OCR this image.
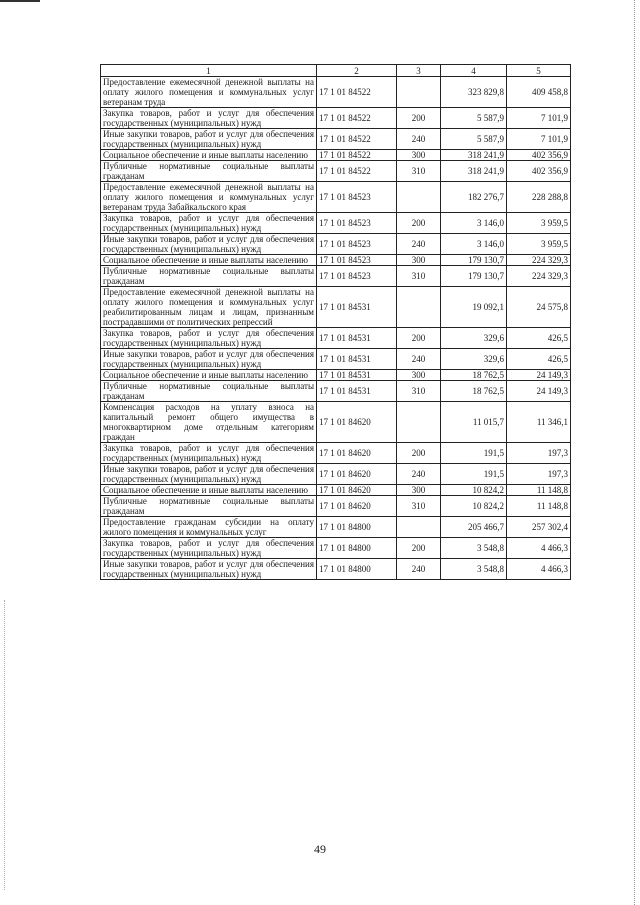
1	2	3	4	5
Предоставление ежемесячной денежной выплаты на оплату жилого помещения и коммунальных услуг ветеранам труда	17 1 01 84522		323 829,8	409 458,8
Закупка товаров, работ и услуг для обеспечения государственных (муниципальных) нужд	17 1 01 84522	200	5 587,9	7 101,9
Иные закупки товаров, работ и услуг для обеспечения государственных (муниципальных) нужд	17 1 01 84522	240	5 587,9	7 101,9
Социальное обеспечение и иные выплаты населению	17 1 01 84522	300	318 241,9	402 356,9
Публичные нормативные социальные выплаты гражданам	17 1 01 84522	310	318 241,9	402 356,9
Предоставление ежемесячной денежной выплаты на оплату жилого помещения и коммунальных услуг ветеранам труда Забайкальского края	17 1 01 84523		182 276,7	228 288,8
Закупка товаров, работ и услуг для обеспечения государственных (муниципальных) нужд	17 1 01 84523	200	3 146,0	3 959,5
Иные закупки товаров, работ и услуг для обеспечения государственных (муниципальных) нужд	17 1 01 84523	240	3 146,0	3 959,5
Социальное обеспечение и иные выплаты населению	17 1 01 84523	300	179 130,7	224 329,3
Публичные нормативные социальные выплаты гражданам	17 1 01 84523	310	179 130,7	224 329,3
Предоставление ежемесячной денежной выплаты на оплату жилого помещения и коммунальных услуг реабилитированным лицам и лицам, признанным пострадавшими от политических репрессий	17 1 01 84531		19 092,1	24 575,8
Закупка товаров, работ и услуг для обеспечения государственных (муниципальных) нужд	17 1 01 84531	200	329,6	426,5
Иные закупки товаров, работ и услуг для обеспечения государственных (муниципальных) нужд	17 1 01 84531	240	329,6	426,5
Социальное обеспечение и иные выплаты населению	17 1 01 84531	300	18 762,5	24 149,3
Публичные нормативные социальные выплаты гражданам	17 1 01 84531	310	18 762,5	24 149,3
Компенсация расходов на уплату взноса на капитальный ремонт общего имущества в многоквартирном доме отдельным категориям граждан	17 1 01 84620		11 015,7	11 346,1
Закупка товаров, работ и услуг для обеспечения государственных (муниципальных) нужд	17 1 01 84620	200	191,5	197,3
Иные закупки товаров, работ и услуг для обеспечения государственных (муниципальных) нужд	17 1 01 84620	240	191,5	197,3
Социальное обеспечение и иные выплаты населению	17 1 01 84620	300	10 824,2	11 148,8
Публичные нормативные социальные выплаты гражданам	17 1 01 84620	310	10 824,2	11 148,8
Предоставление гражданам субсидии на оплату жилого помещения и коммунальных услуг	17 1 01 84800		205 466,7	257 302,4
Закупка товаров, работ и услуг для обеспечения государственных (муниципальных) нужд	17 1 01 84800	200	3 548,8	4 466,3
Иные закупки товаров, работ и услуг для обеспечения государственных (муниципальных) нужд	17 1 01 84800	240	3 548,8	4 466,3
49
